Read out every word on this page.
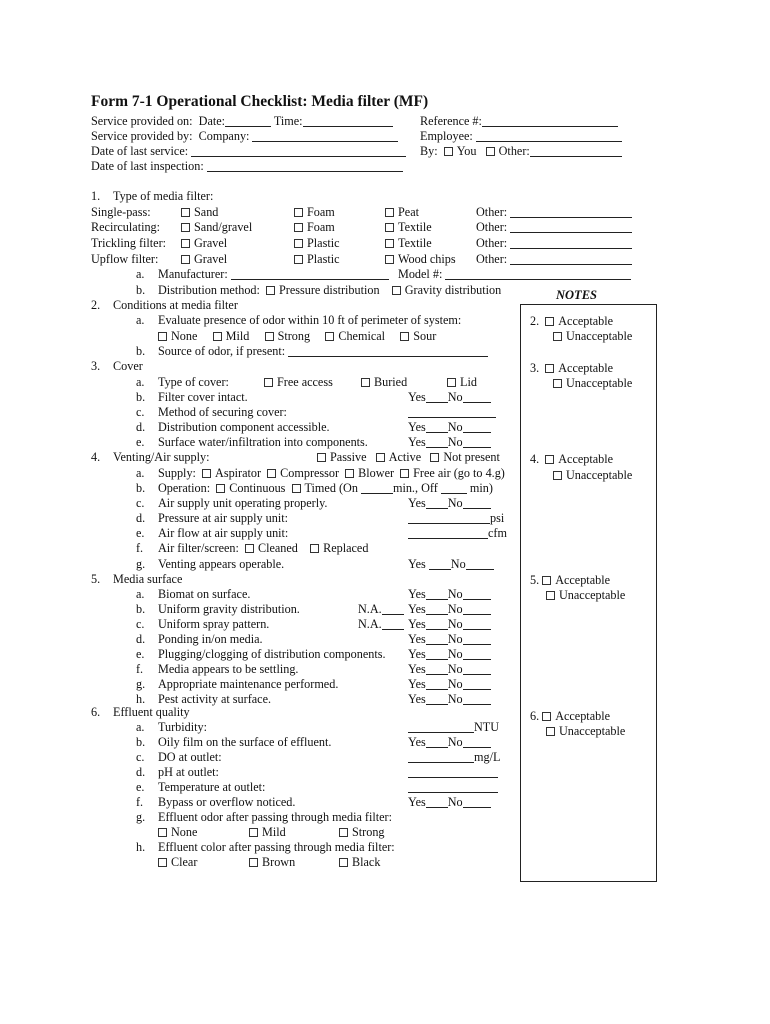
Form 7-1 Operational Checklist: Media filter (MF)
Service provided on: Date:	Time:	Reference #:
Service provided by: Company:	Employee:
Date of last service:	By: You Other:
Date of last inspection:
1. Type of media filter:
Single-pass:	Sand	Foam	Peat	Other:
Recirculating:	Sand/gravel	Foam	Textile	Other:
Trickling filter:	Gravel	Plastic	Textile	Other:
Upflow filter:	Gravel	Plastic	Wood chips Other:
a. Manufacturer:	Model #:
b. Distribution method: Pressure distribution Gravity distribution
2. Conditions at media filter
a. Evaluate presence of odor within 10 ft of perimeter of system:
None Mild Strong Chemical Sour
b. Source of odor, if present:
3. Cover
a. Type of cover:	Free access	Buried	Lid
b. Filter cover intact.	Yes No
c. Method of securing cover:
d. Distribution component accessible.	Yes No
e. Surface water/infiltration into components.	Yes No
4. Venting/Air supply:	Passive Active Not present
a. Supply: Aspirator Compressor Blower Free air (go to 4.g)
b. Operation: Continuous Timed (On	min., Off	min)
c. Air supply unit operating properly.	Yes No
d. Pressure at air supply unit:	psi
e. Air flow at air supply unit:	cfm
f. Air filter/screen: Cleaned Replaced
g. Venting appears operable.	Yes No
5. Media surface
a. Biomat on surface.	Yes No
b. Uniform gravity distribution.	N.A.	Yes No
c. Uniform spray pattern.	N.A.	Yes No
d. Ponding in/on media.	Yes No
e. Plugging/clogging of distribution components. Yes No
f. Media appears to be settling.	Yes No
g. Appropriate maintenance performed.	Yes No
h. Pest activity at surface.	Yes No
6. Effluent quality
a. Turbidity:	NTU
b. Oily film on the surface of effluent.	Yes No
c. DO at outlet:	mg/L
d. pH at outlet:
e. Temperature at outlet:
f. Bypass or overflow noticed.	Yes No
g. Effluent odor after passing through media filter:
None	Mild	Strong
h. Effluent color after passing through media filter:
Clear	Brown	Black
NOTES
2. Acceptable
Unacceptable
3. Acceptable
Unacceptable
4. Acceptable
Unacceptable
5. Acceptable
Unacceptable
6. Acceptable
Unacceptable
